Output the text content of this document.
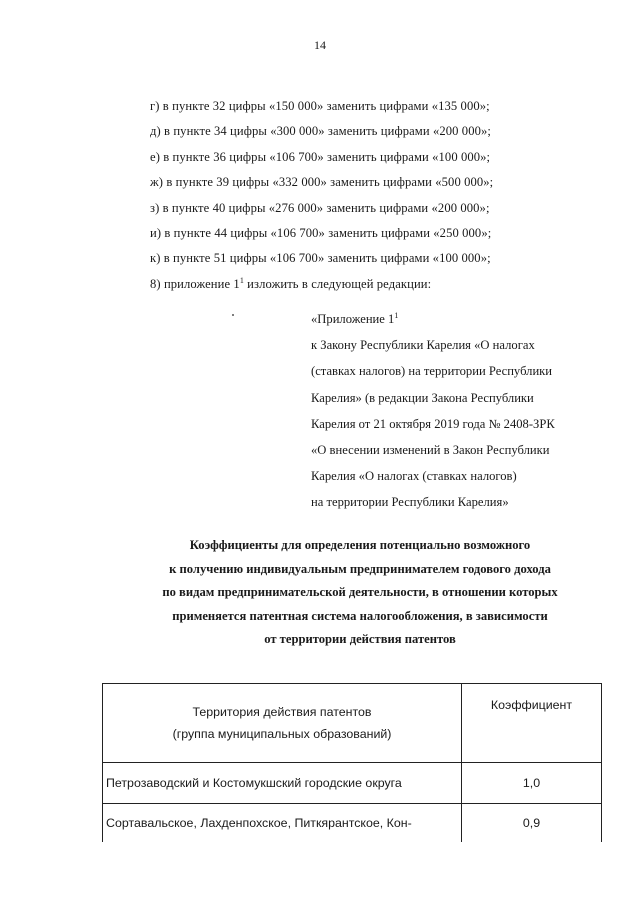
14
г) в пункте 32 цифры «150 000» заменить цифрами «135 000»;
д) в пункте 34 цифры «300 000» заменить цифрами «200 000»;
е) в пункте 36 цифры «106 700» заменить цифрами «100 000»;
ж) в пункте 39 цифры «332 000» заменить цифрами «500 000»;
з) в пункте 40 цифры «276 000» заменить цифрами «200 000»;
и) в пункте 44 цифры «106 700» заменить цифрами «250 000»;
к) в пункте 51 цифры «106 700» заменить цифрами «100 000»;
8) приложение $1^1$ изложить в следующей редакции:
«Приложение $1^1$
к Закону Республики Карелия «О налогах
(ставках налогов) на территории Республики
Карелия» (в редакции Закона Республики
Карелия от 21 октября 2019 года № 2408-ЗРК
«О внесении изменений в Закон Республики
Карелия «О налогах (ставках налогов)
на территории Республики Карелия»
Коэффициенты для определения потенциально возможного
к получению индивидуальным предпринимателем годового дохода
по видам предпринимательской деятельности, в отношении которых
применяется патентная система налогообложения, в зависимости
от территории действия патентов
Территория действия патентов
(группа муниципальных образований)	Коэффициент
Петрозаводский и Костомукшский городские округа	1,0
Сортавальское, Лахденпохское, Питкярантское, Кон-	0,9
